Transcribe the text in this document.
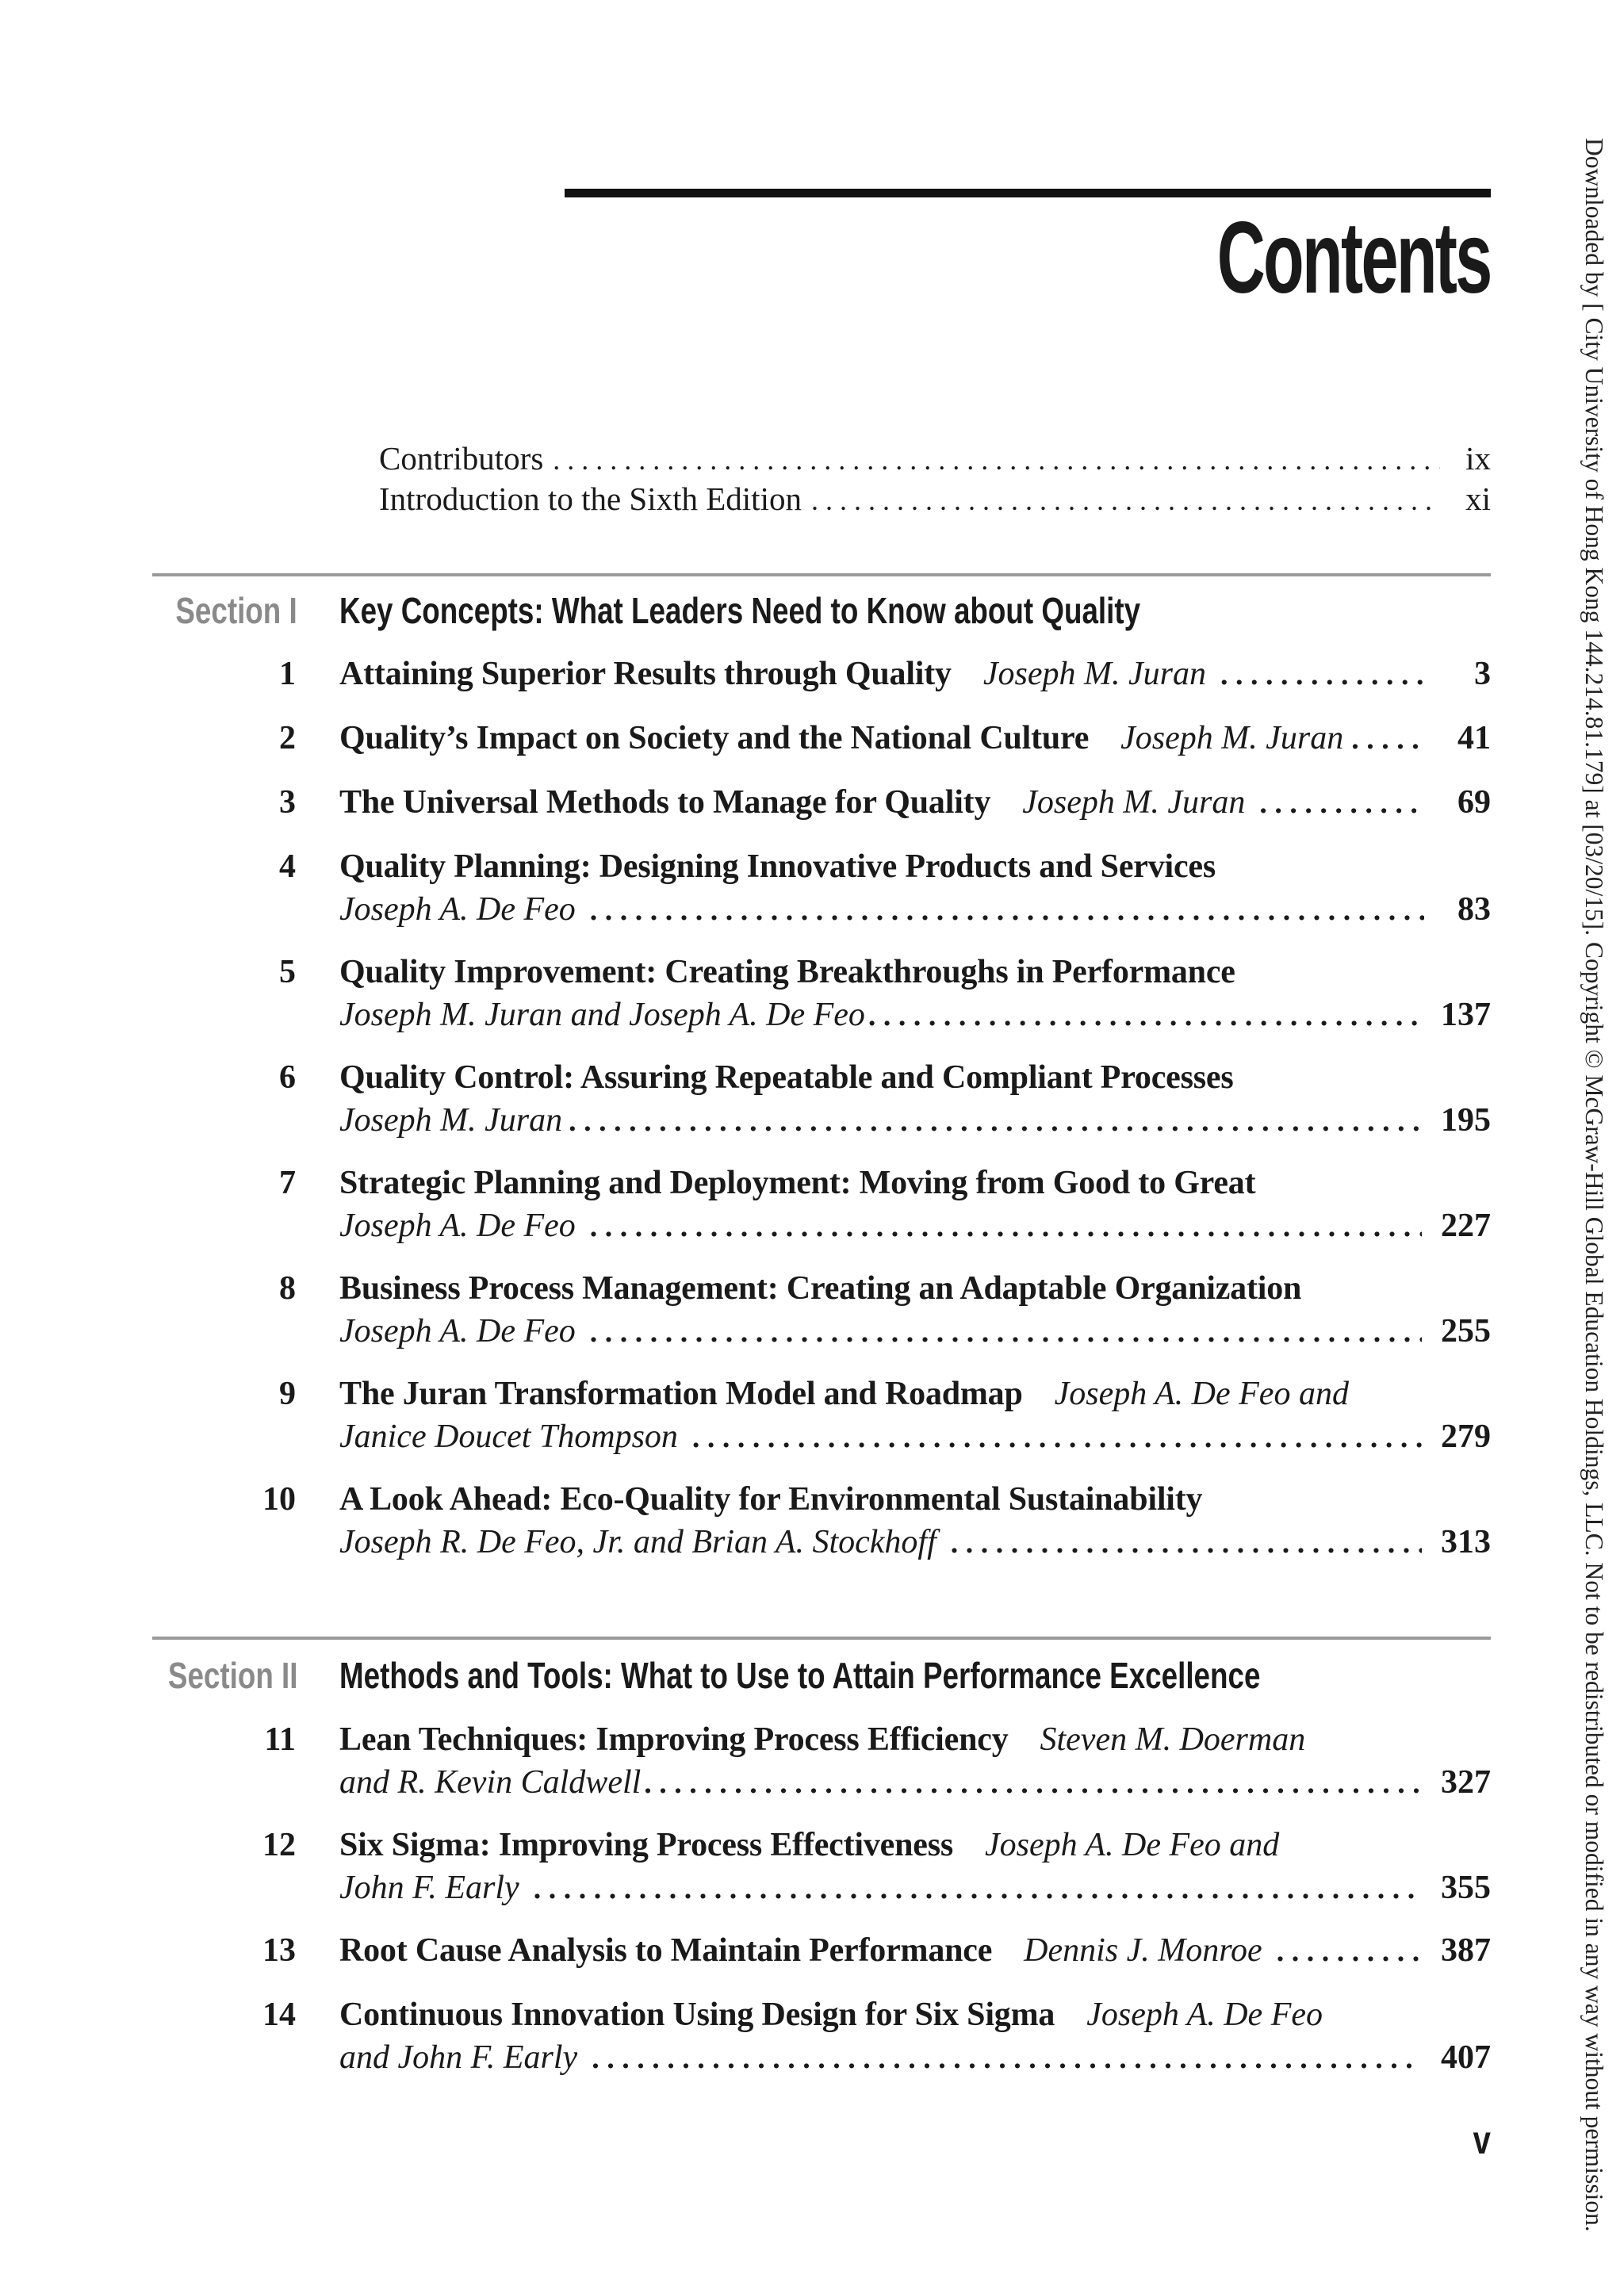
Contents
Contributors . . .	ix
Introduction to the Sixth Edition . . .	xi
Section I Key Concepts: What Leaders Need to Know about Quality
1 Attaining Superior Results through Quality Joseph M. Juran . . .	3
2 Quality’s Impact on Society and the National Culture Joseph M. Juran . . .	41
3 The Universal Methods to Manage for Quality Joseph M. Juran . . .	69
4 Quality Planning: Designing Innovative Products and Services
Joseph A. De Feo . . .	83
5 Quality Improvement: Creating Breakthroughs in Performance
Joseph M. Juran and Joseph A. De Feo . . .	137
6 Quality Control: Assuring Repeatable and Compliant Processes
Joseph M. Juran . . .	195
7 Strategic Planning and Deployment: Moving from Good to Great
Joseph A. De Feo . . .	227
8 Business Process Management: Creating an Adaptable Organization
Joseph A. De Feo . . .	255
9 The Juran Transformation Model and Roadmap Joseph A. De Feo and
Janice Doucet Thompson . . .	279
10 A Look Ahead: Eco-Quality for Environmental Sustainability
Joseph R. De Feo, Jr. and Brian A. Stockhoff . . .	313
Section II Methods and Tools: What to Use to Attain Performance Excellence
11 Lean Techniques: Improving Process Efficiency Steven M. Doerman
and R. Kevin Caldwell . . .	327
12 Six Sigma: Improving Process Effectiveness Joseph A. De Feo and
John F. Early . . .	355
13 Root Cause Analysis to Maintain Performance Dennis J. Monroe . . .	387
14 Continuous Innovation Using Design for Six Sigma Joseph A. De Feo
and John F. Early . . .	407
v	Downloaded by [ City University of Hong Kong 144.214.81.179] at [03/20/15]. Copyright © McGraw-Hill Global Education Holdings, LLC. Not to be redistributed or modified in any way without permission.
